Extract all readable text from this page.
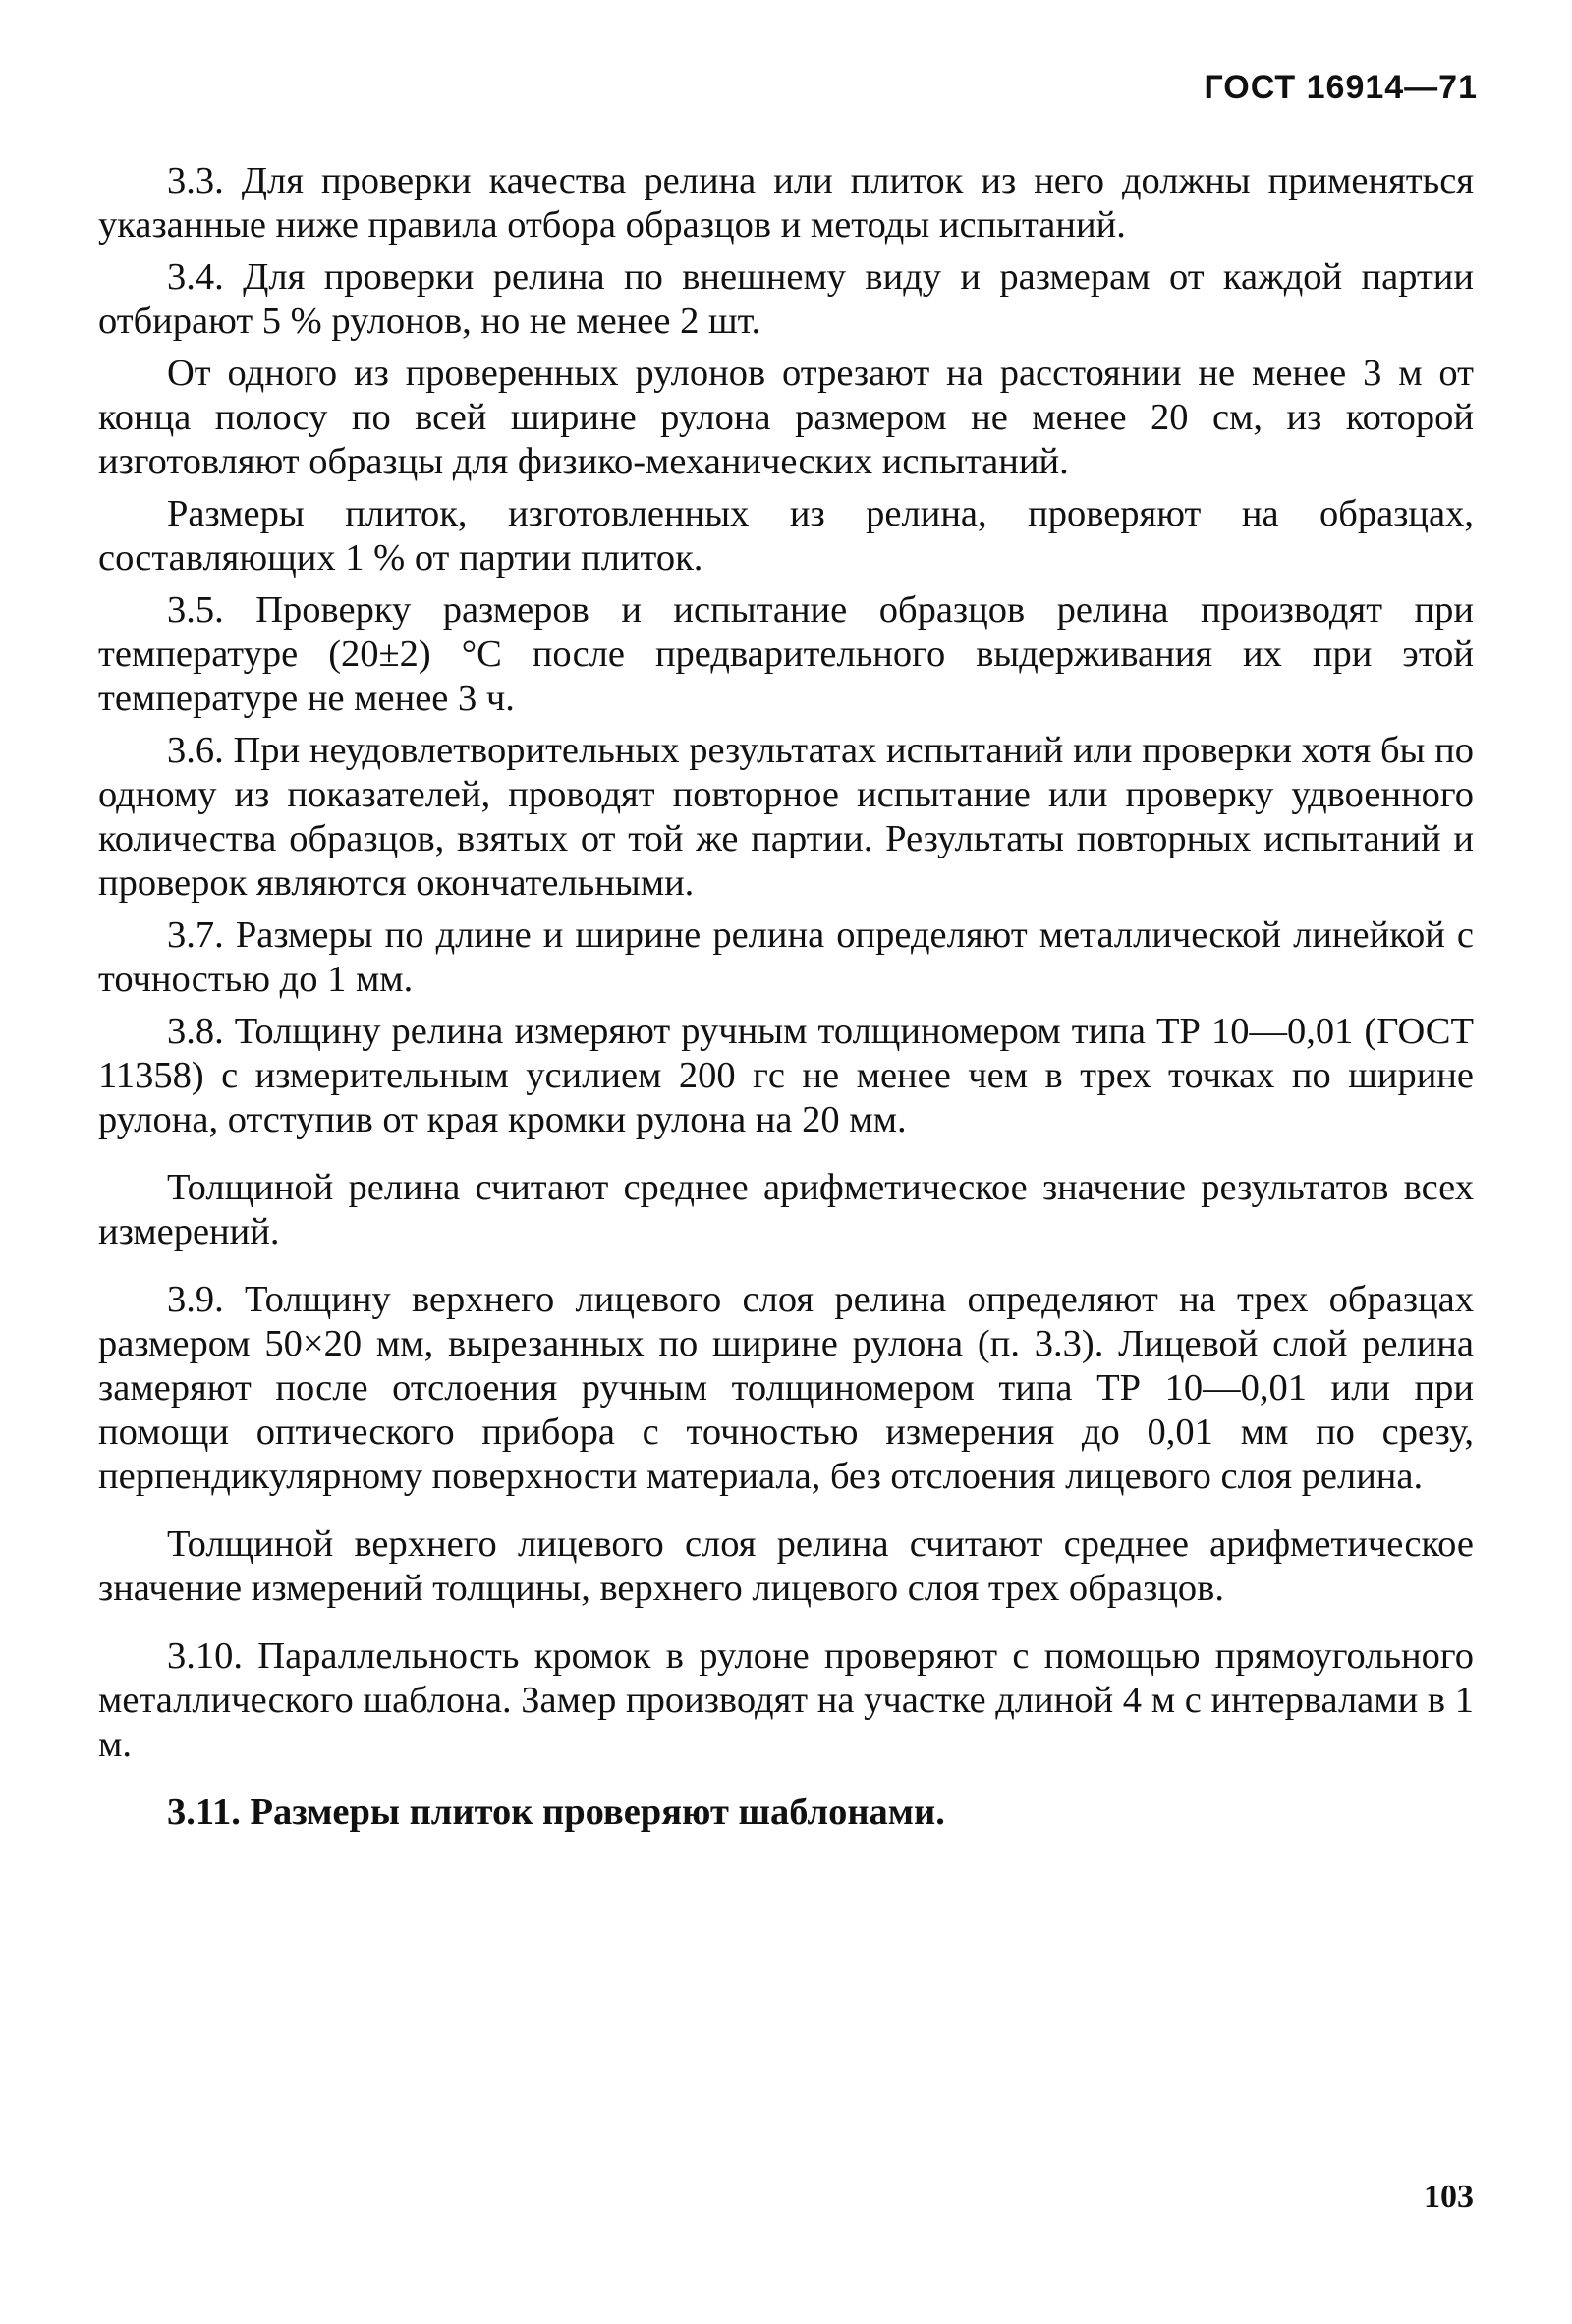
ГОСТ 16914—71

3.3. Для проверки качества релина или плиток из него должны применяться указанные ниже правила отбора образцов и методы испытаний.

3.4. Для проверки релина по внешнему виду и размерам от каждой партии отбирают 5 % рулонов, но не менее 2 шт.

От одного из проверенных рулонов отрезают на расстоянии не менее 3 м от конца полосу по всей ширине рулона размером не менее 20 см, из которой изготовляют образцы для физико-механических испытаний.

Размеры плиток, изготовленных из релина, проверяют на образцах, составляющих 1 % от партии плиток.

3.5. Проверку размеров и испытание образцов релина производят при температуре (20±2) °С после предварительного выдерживания их при этой температуре не менее 3 ч.

3.6. При неудовлетворительных результатах испытаний или проверки хотя бы по одному из показателей, проводят повторное испытание или проверку удвоенного количества образцов, взятых от той же партии. Результаты повторных испытаний и проверок являются окончательными.

3.7. Размеры по длине и ширине релина определяют металлической линейкой с точностью до 1 мм.

3.8. Толщину релина измеряют ручным толщиномером типа ТР 10—0,01 (ГОСТ 11358) с измерительным усилием 200 гс не менее чем в трех точках по ширине рулона, отступив от края кромки рулона на 20 мм.

Толщиной релина считают среднее арифметическое значение результатов всех измерений.

3.9. Толщину верхнего лицевого слоя релина определяют на трех образцах размером 50×20 мм, вырезанных по ширине рулона (п. 3.3). Лицевой слой релина замеряют после отслоения ручным толщиномером типа ТР 10—0,01 или при помощи оптического прибора с точностью измерения до 0,01 мм по срезу, перпендикулярному поверхности материала, без отслоения лицевого слоя релина.

Толщиной верхнего лицевого слоя релина считают среднее арифметическое значение измерений толщины, верхнего лицевого слоя трех образцов.

3.10. Параллельность кромок в рулоне проверяют с помощью прямоугольного металлического шаблона. Замер производят на участке длиной 4 м с интервалами в 1 м.

3.11. Размеры плиток проверяют шаблонами.

103
